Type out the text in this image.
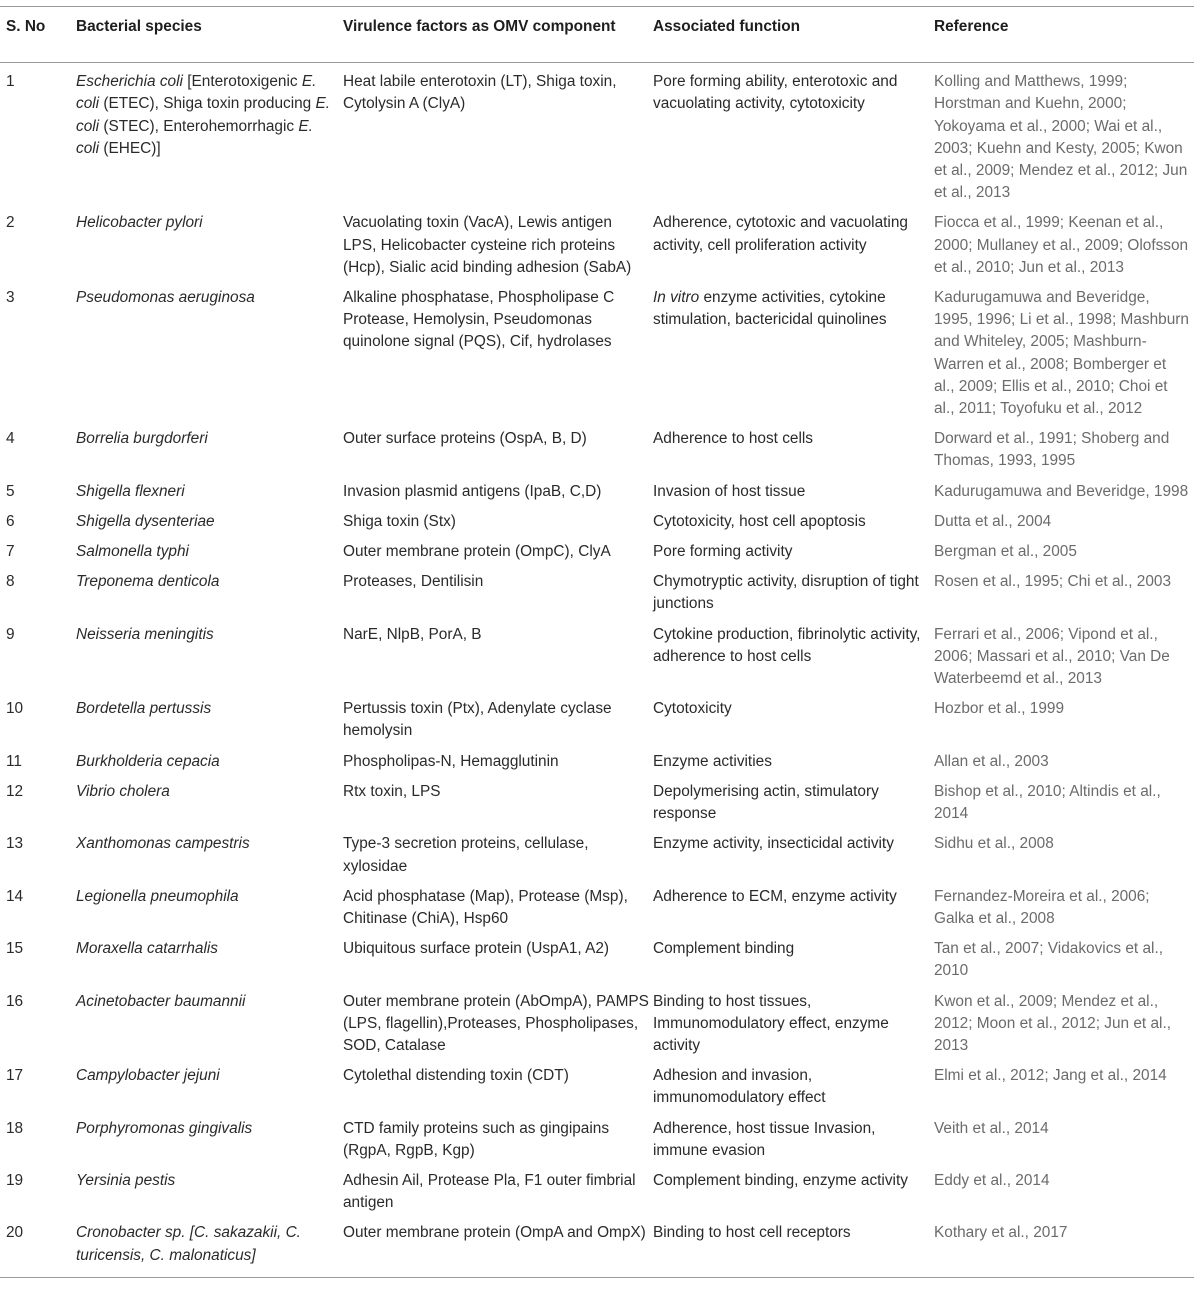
S. No	Bacterial species	Virulence factors as OMV component	Associated function	Reference
1	Escherichia coli [Enterotoxigenic E. coli (ETEC), Shiga toxin producing E. coli (STEC), Enterohemorrhagic E. coli (EHEC)]	Heat labile enterotoxin (LT), Shiga toxin, Cytolysin A (ClyA)	Pore forming ability, enterotoxic and vacuolating activity, cytotoxicity	Kolling and Matthews, 1999; Horstman and Kuehn, 2000; Yokoyama et al., 2000; Wai et al., 2003; Kuehn and Kesty, 2005; Kwon et al., 2009; Mendez et al., 2012; Jun et al., 2013
2	Helicobacter pylori	Vacuolating toxin (VacA), Lewis antigen LPS, Helicobacter cysteine rich proteins (Hcp), Sialic acid binding adhesion (SabA)	Adherence, cytotoxic and vacuolating activity, cell proliferation activity	Fiocca et al., 1999; Keenan et al., 2000; Mullaney et al., 2009; Olofsson et al., 2010; Jun et al., 2013
3	Pseudomonas aeruginosa	Alkaline phosphatase, Phospholipase C Protease, Hemolysin, Pseudomonas quinolone signal (PQS), Cif, hydrolases	In vitro enzyme activities, cytokine stimulation, bactericidal quinolines	Kadurugamuwa and Beveridge, 1995, 1996; Li et al., 1998; Mashburn and Whiteley, 2005; Mashburn-Warren et al., 2008; Bomberger et al., 2009; Ellis et al., 2010; Choi et al., 2011; Toyofuku et al., 2012
4	Borrelia burgdorferi	Outer surface proteins (OspA, B, D)	Adherence to host cells	Dorward et al., 1991; Shoberg and Thomas, 1993, 1995
5	Shigella flexneri	Invasion plasmid antigens (IpaB, C,D)	Invasion of host tissue	Kadurugamuwa and Beveridge, 1998
6	Shigella dysenteriae	Shiga toxin (Stx)	Cytotoxicity, host cell apoptosis	Dutta et al., 2004
7	Salmonella typhi	Outer membrane protein (OmpC), ClyA	Pore forming activity	Bergman et al., 2005
8	Treponema denticola	Proteases, Dentilisin	Chymotryptic activity, disruption of tight junctions	Rosen et al., 1995; Chi et al., 2003
9	Neisseria meningitis	NarE, NlpB, PorA, B	Cytokine production, fibrinolytic activity, adherence to host cells	Ferrari et al., 2006; Vipond et al., 2006; Massari et al., 2010; Van De Waterbeemd et al., 2013
10	Bordetella pertussis	Pertussis toxin (Ptx), Adenylate cyclase hemolysin	Cytotoxicity	Hozbor et al., 1999
11	Burkholderia cepacia	Phospholipas-N, Hemagglutinin	Enzyme activities	Allan et al., 2003
12	Vibrio cholera	Rtx toxin, LPS	Depolymerising actin, stimulatory response	Bishop et al., 2010; Altindis et al., 2014
13	Xanthomonas campestris	Type-3 secretion proteins, cellulase, xylosidae	Enzyme activity, insecticidal activity	Sidhu et al., 2008
14	Legionella pneumophila	Acid phosphatase (Map), Protease (Msp), Chitinase (ChiA), Hsp60	Adherence to ECM, enzyme activity	Fernandez-Moreira et al., 2006; Galka et al., 2008
15	Moraxella catarrhalis	Ubiquitous surface protein (UspA1, A2)	Complement binding	Tan et al., 2007; Vidakovics et al., 2010
16	Acinetobacter baumannii	Outer membrane protein (AbOmpA), PAMPS (LPS, flagellin),Proteases, Phospholipases, SOD, Catalase	Binding to host tissues, Immunomodulatory effect, enzyme activity	Kwon et al., 2009; Mendez et al., 2012; Moon et al., 2012; Jun et al., 2013
17	Campylobacter jejuni	Cytolethal distending toxin (CDT)	Adhesion and invasion, immunomodulatory effect	Elmi et al., 2012; Jang et al., 2014
18	Porphyromonas gingivalis	CTD family proteins such as gingipains (RgpA, RgpB, Kgp)	Adherence, host tissue Invasion, immune evasion	Veith et al., 2014
19	Yersinia pestis	Adhesin Ail, Protease Pla, F1 outer fimbrial antigen	Complement binding, enzyme activity	Eddy et al., 2014
20	Cronobacter sp. [C. sakazakii, C. turicensis, C. malonaticus]	Outer membrane protein (OmpA and OmpX)	Binding to host cell receptors	Kothary et al., 2017
